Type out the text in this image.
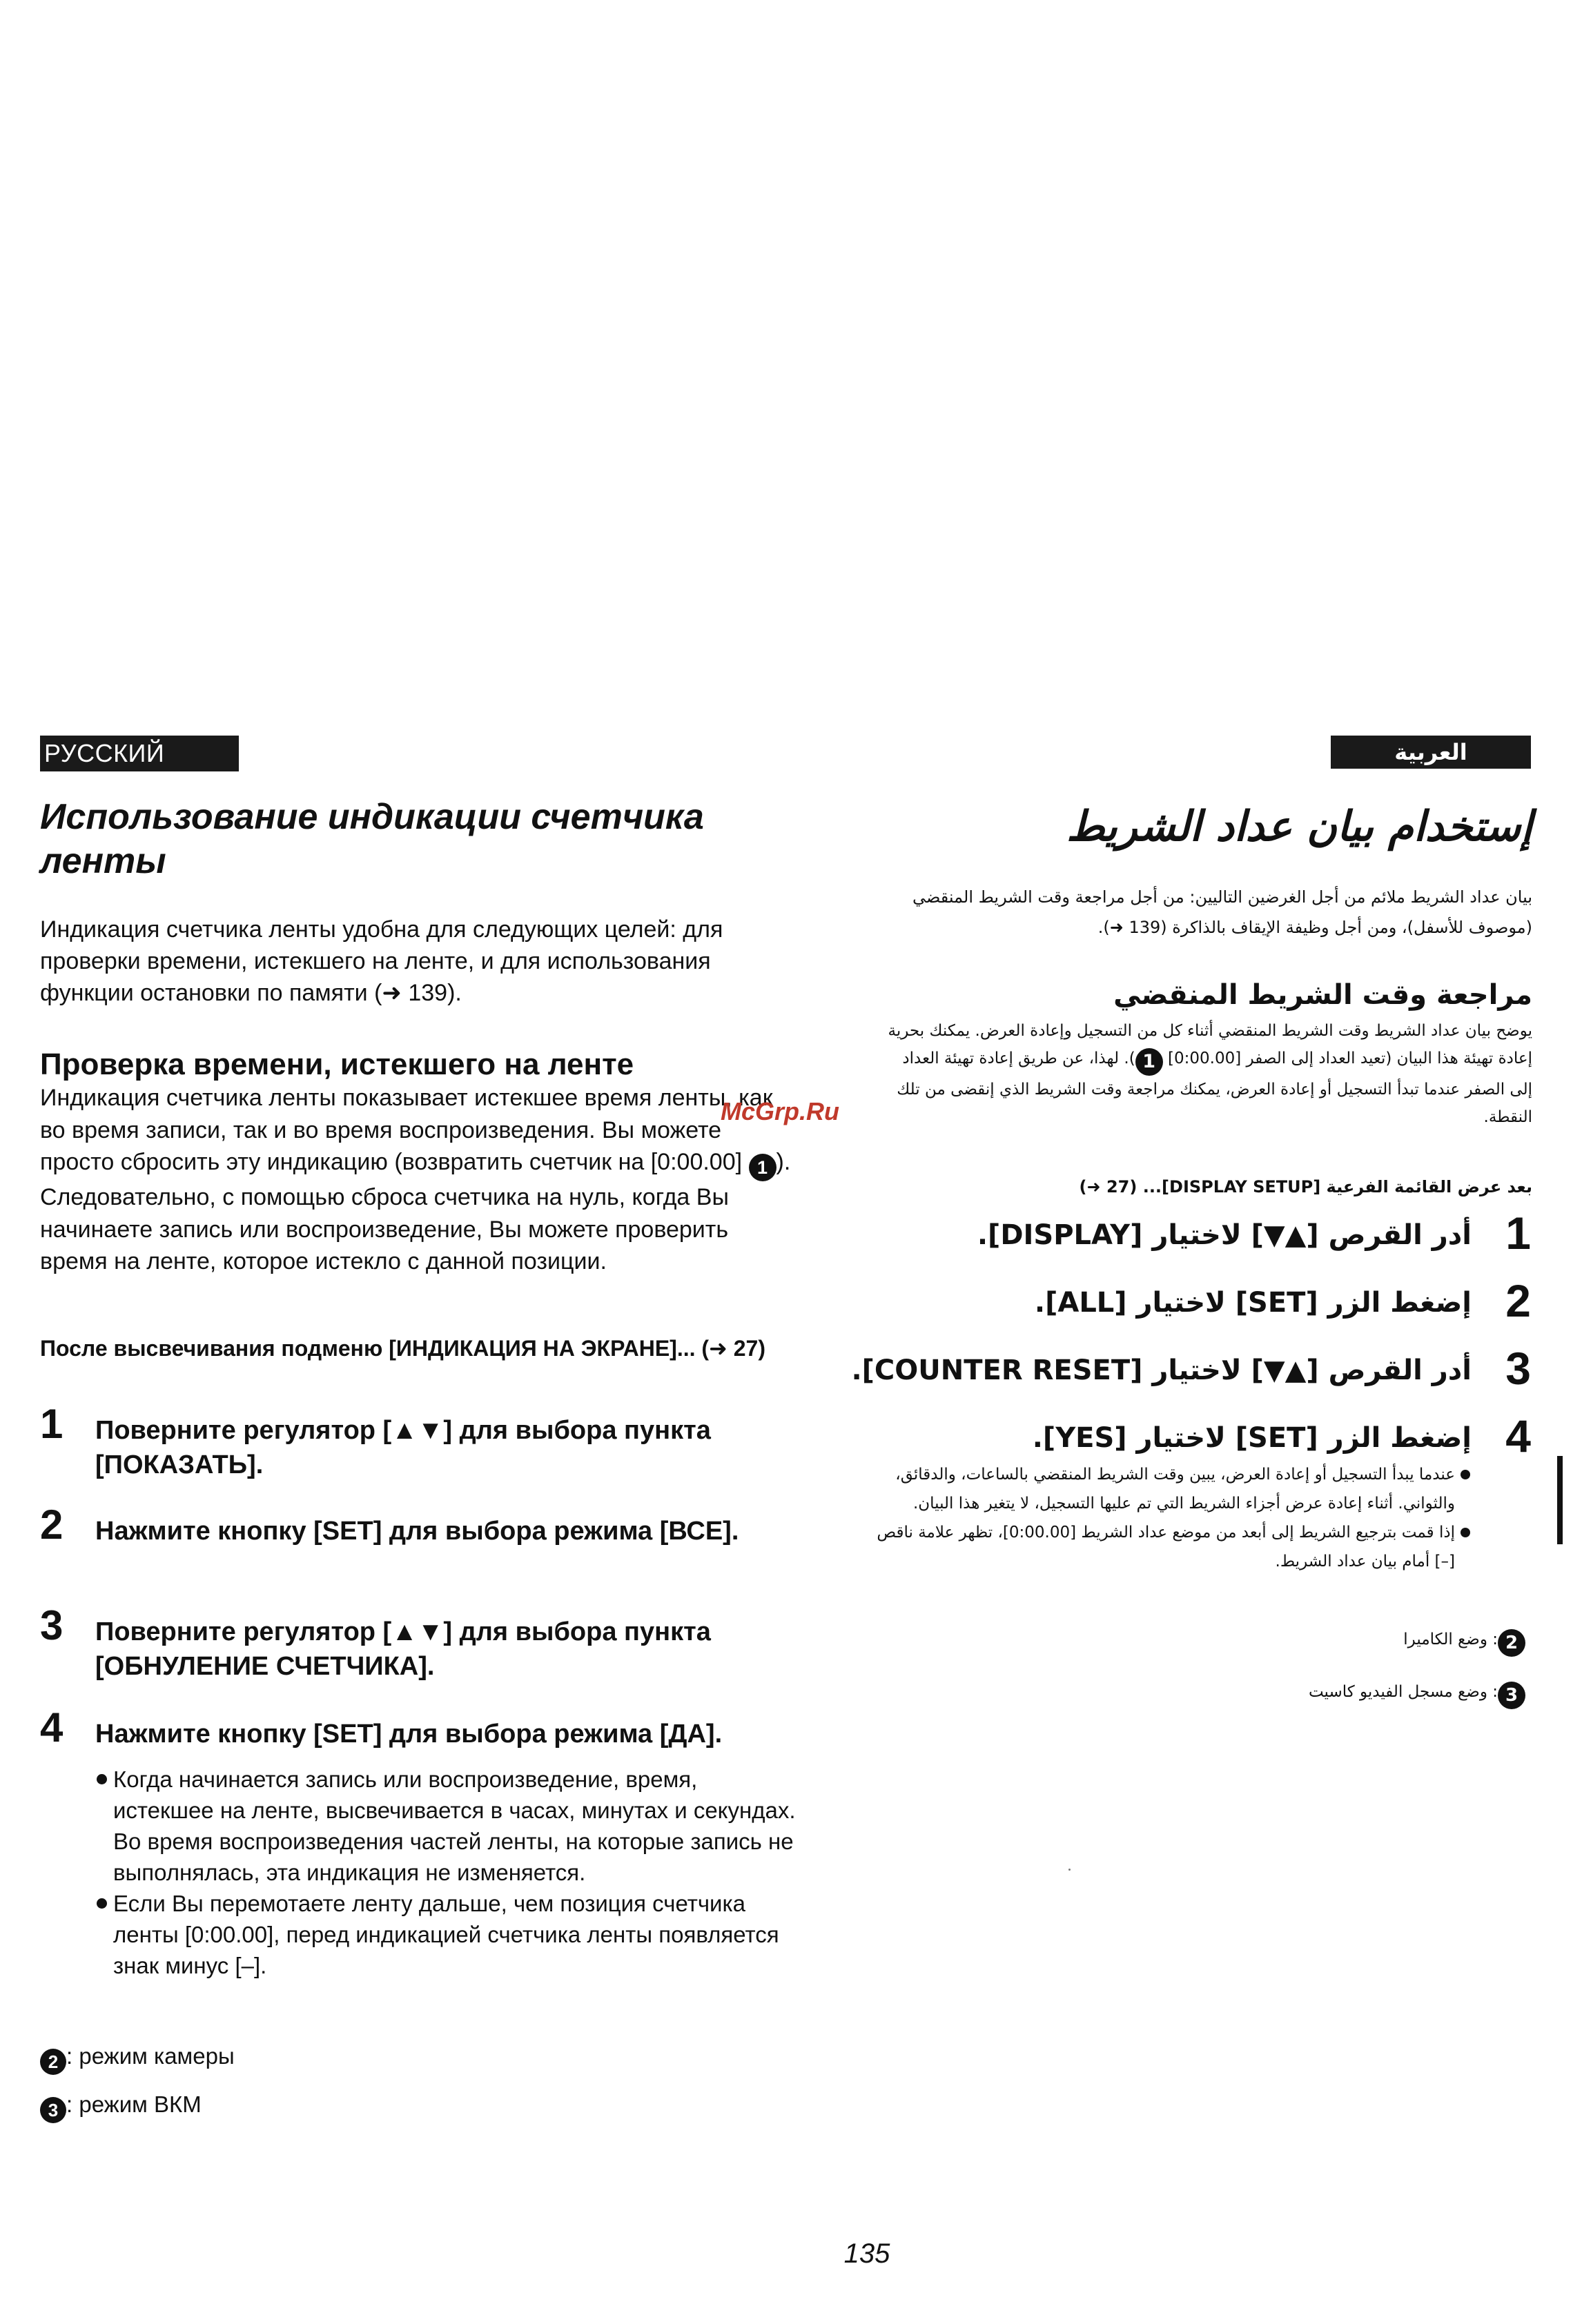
РУССКИЙ ЯЗЫК
Использование индикации счетчика ленты
Индикация счетчика ленты удобна для следующих целей: для проверки времени, истекшего на ленте, и для использования функции остановки по памяти (➜ 139).
Проверка времени, истекшего на ленте
Индикация счетчика ленты показывает истекшее время ленты, как во время записи, так и во время воспроизведения. Вы можете просто сбросить эту индикацию (возвратить счетчик на [0:00.00] 1 ). Следовательно, с помощью сброса счетчика на нуль, когда Вы начинаете запись или воспроизведение, Вы можете проверить время на ленте, которое истекло с данной позиции.
После высвечивания подменю [ИНДИКАЦИЯ НА ЭКРАНЕ]... (➜ 27)
1	Поверните регулятор [▲▼] для выбора пункта [ПОКАЗАТЬ].
2	Нажмите кнопку [SET] для выбора режима [ВСЕ].
3	Поверните регулятор [▲▼] для выбора пункта [ОБНУЛЕНИЕ СЧЕТЧИКА].
4	Нажмите кнопку [SET] для выбора режима [ДА].
Когда начинается запись или воспроизведение, время, истекшее на ленте, высвечивается в часах, минутах и секундах. Во время воспроизведения частей ленты, на которые запись не выполнялась, эта индикация не изменяется.
Если Вы перемотаете ленту дальше, чем позиция счетчика ленты [0:00.00], перед индикацией счетчика ленты появляется знак минус [–].
2 : режим камеры
3 : режим ВКМ
العربية
إستخدام بيان عداد الشريط
بيان عداد الشريط ملائم من أجل الغرضين التاليين: من أجل مراجعة وقت الشريط المنقضي (موصوف للأسفل)، ومن أجل وظيفة الإيقاف بالذاكرة (139 ➜).
مراجعة وقت الشريط المنقضي
يوضح بيان عداد الشريط وقت الشريط المنقضي أثناء كل من التسجيل وإعادة العرض. يمكنك بحرية إعادة تهيئة هذا البيان (تعيد العداد إلى الصفر [0:00.00] 1). لهذا، عن طريق إعادة تهيئة العداد إلى الصفر عندما تبدأ التسجيل أو إعادة العرض، يمكنك مراجعة وقت الشريط الذي إنقضى من تلك النقطة.
بعد عرض القائمة الفرعية [DISPLAY SETUP]... (27 ➜)
1
أدر القرص [▲▼] لاختيار [DISPLAY].
2
إضغط الزر [SET] لاختيار [ALL].
3
أدر القرص [▲▼] لاختيار [COUNTER RESET].
4
إضغط الزر [SET] لاختيار [YES].
عندما يبدأ التسجيل أو إعادة العرض، يبين وقت الشريط المنقضي بالساعات، والدقائق، والثواني. أثناء إعادة عرض أجزاء الشريط التي تم عليها التسجيل، لا يتغير هذا البيان.
إذا قمت بترجيع الشريط إلى أبعد من موضع عداد الشريط [0:00.00]، تظهر علامة ناقص [–] أمام بيان عداد الشريط.
2: وضع الكاميرا
3: وضع مسجل الفيديو كاسيت
McGrp.Ru
135
